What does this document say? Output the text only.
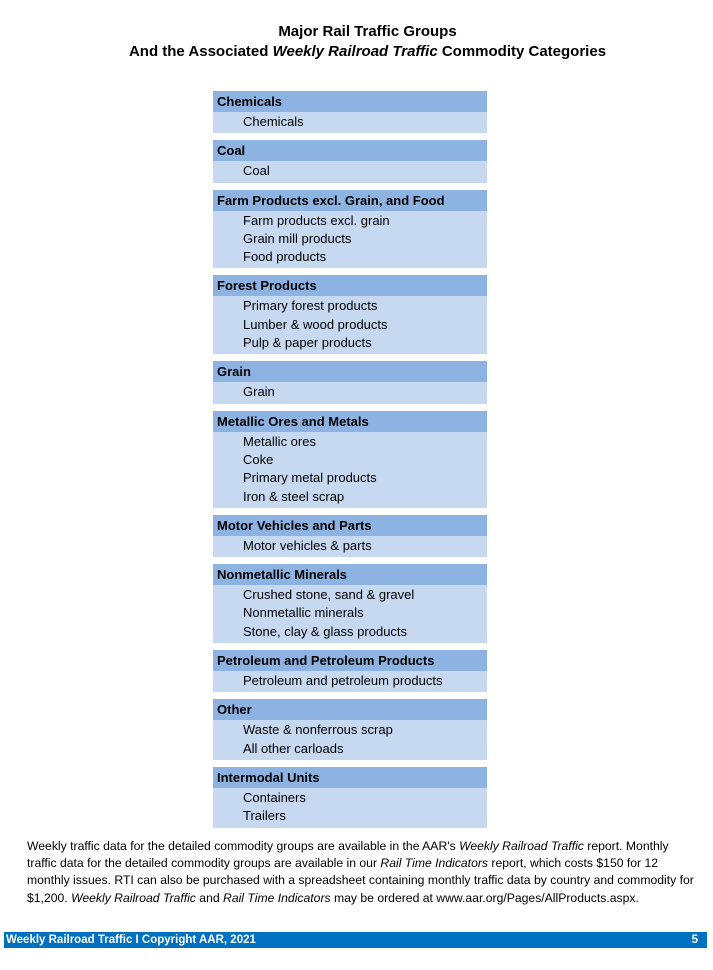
Major Rail Traffic Groups
And the Associated Weekly Railroad Traffic Commodity Categories
Chemicals
Chemicals
Coal
Coal
Farm Products excl. Grain, and Food
Farm products excl. grain
Grain mill products
Food products
Forest Products
Primary forest products
Lumber & wood products
Pulp & paper products
Grain
Grain
Metallic Ores and Metals
Metallic ores
Coke
Primary metal products
Iron & steel scrap
Motor Vehicles and Parts
Motor vehicles & parts
Nonmetallic Minerals
Crushed stone, sand & gravel
Nonmetallic minerals
Stone, clay & glass products
Petroleum and Petroleum Products
Petroleum and petroleum products
Other
Waste & nonferrous scrap
All other carloads
Intermodal Units
Containers
Trailers
Weekly traffic data for the detailed commodity groups are available in the AAR's Weekly Railroad Traffic report. Monthly traffic data for the detailed commodity groups are available in our Rail Time Indicators report, which costs $150 for 12 monthly issues. RTI can also be purchased with a spreadsheet containing monthly traffic data by country and commodity for $1,200. Weekly Railroad Traffic and Rail Time Indicators may be ordered at www.aar.org/Pages/AllProducts.aspx.
Weekly Railroad Traffic I Copyright AAR, 2021	5
